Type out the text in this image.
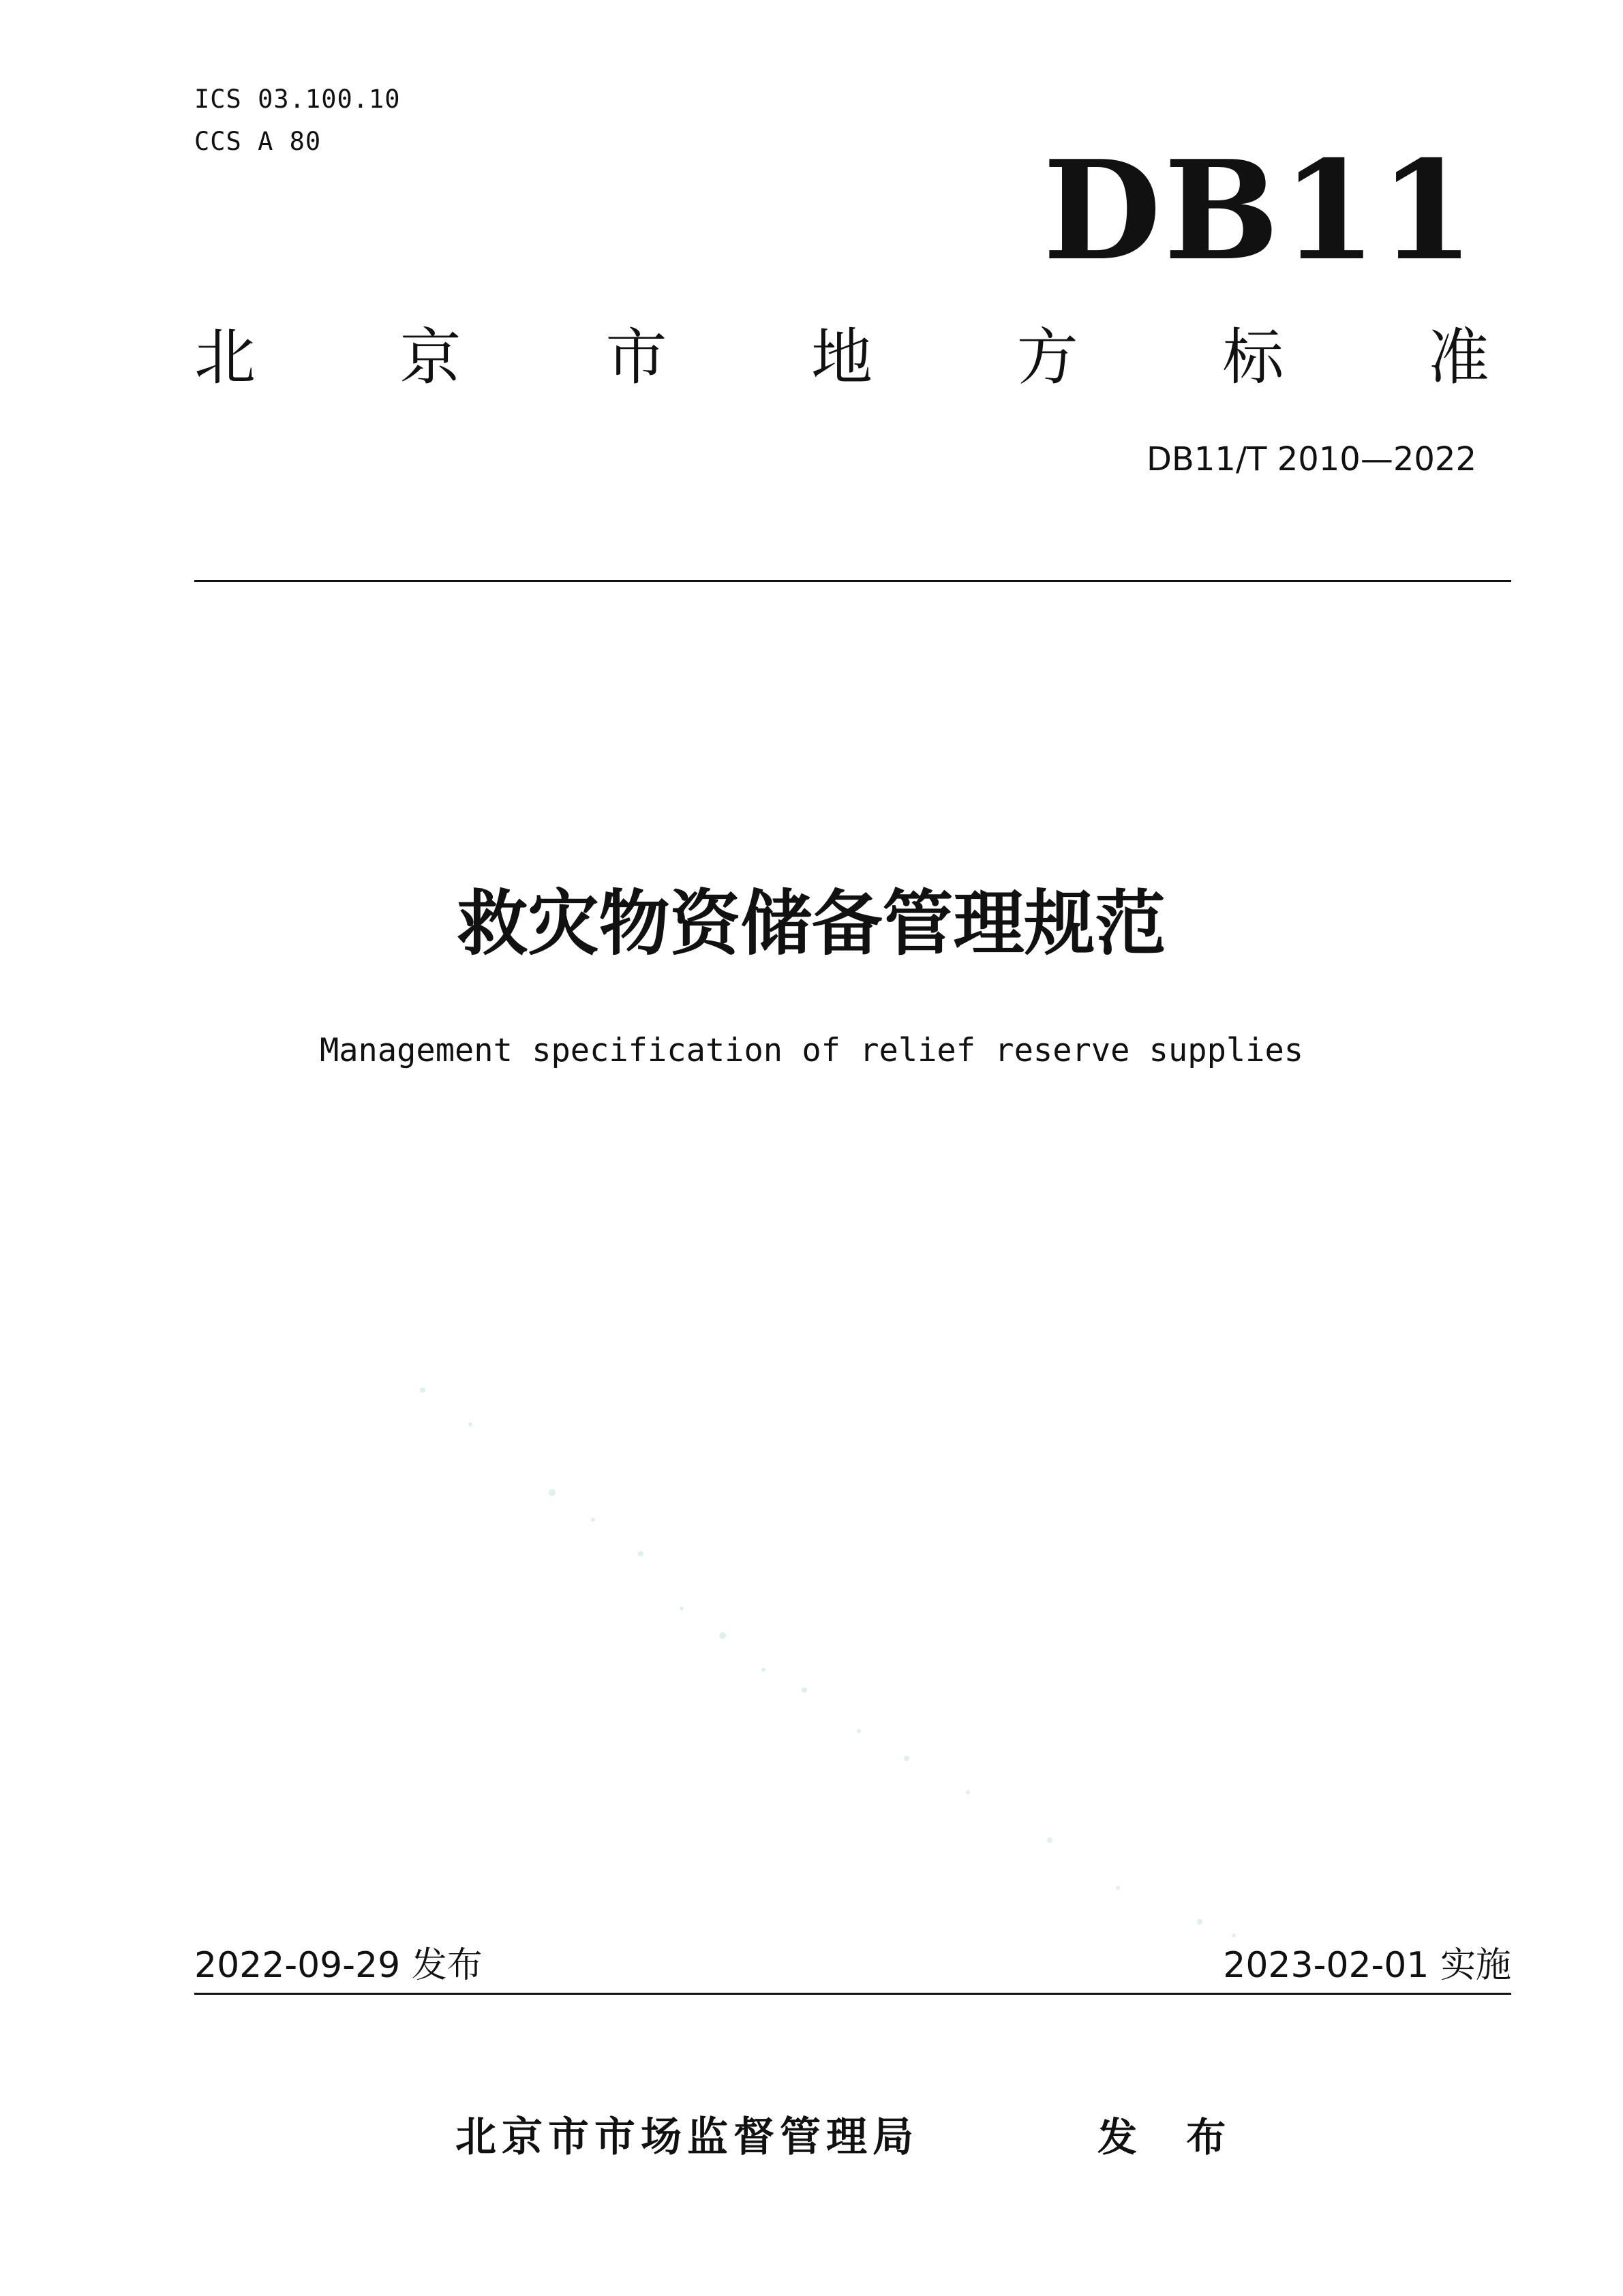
ICS 03.100.10
CCS A 80	DB11
北 京 市 地 方 标 准
DB11/T 2010—2022
救灾物资储备管理规范
Management specification of relief reserve supplies
2022-09-29 发布	2023-02-01 实施
北京市市场监督管理局	发 布
